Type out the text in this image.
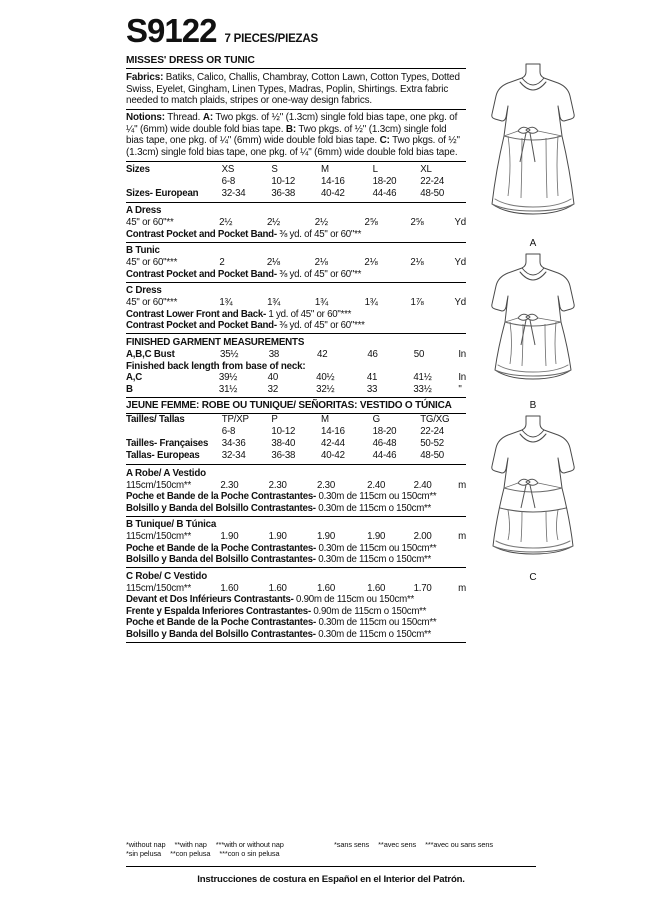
S9122 7 PIECES/PIEZAS
MISSES' DRESS OR TUNIC
Fabrics: Batiks, Calico, Challis, Chambray, Cotton Lawn, Cotton Types, Dotted Swiss, Eyelet, Gingham, Linen Types, Madras, Poplin, Shirtings. Extra fabric needed to match plaids, stripes or one-way design fabrics.
Notions: Thread. A: Two pkgs. of ½" (1.3cm) single fold bias tape, one pkg. of ¼" (6mm) wide double fold bias tape. B: Two pkgs. of ½" (1.3cm) single fold bias tape, one pkg. of ¼" (6mm) wide double fold bias tape. C: Two pkgs. of ½" (1.3cm) single fold bias tape, one pkg. of ¼" (6mm) wide double fold bias tape.
Sizes	XS	S	M	L	XL	
	6-8	10-12	14-16	18-20	22-24	
Sizes- European	32-34	36-38	40-42	44-46	48-50	
A Dress
45" or 60"**	2½	2½	2½	2⅝	2⅝	Yd
Contrast Pocket and Pocket Band- ⅜ yd. of 45" or 60"**
B Tunic
45" or 60"***	2	2⅛	2⅛	2⅛	2⅛	Yd
Contrast Pocket and Pocket Band- ⅜ yd. of 45" or 60"**
C Dress
45" or 60"***	1¾	1¾	1¾	1¾	1⅞	Yd
Contrast Lower Front and Back- 1 yd. of 45" or 60"***
Contrast Pocket and Pocket Band- ⅜ yd. of 45" or 60"***
FINISHED GARMENT MEASUREMENTS
A,B,C Bust	35½	38	42	46	50	In
Finished back length from base of neck:
A,C	39½	40	40½	41	41½	In
B	31½	32	32½	33	33½	"
JEUNE FEMME: ROBE OU TUNIQUE/ SEÑORITAS: VESTIDO O TÚNICA
Tailles/ Tallas	TP/XP	P	M	G	TG/XG	
	6-8	10-12	14-16	18-20	22-24	
Tailles- Françaises	34-36	38-40	42-44	46-48	50-52	
Tallas- Europeas	32-34	36-38	40-42	44-46	48-50	
A Robe/ A Vestido
115cm/150cm**	2.30	2.30	2.30	2.40	2.40	m
Poche et Bande de la Poche Contrastantes- 0.30m de 115cm ou 150cm**
Bolsillo y Banda del Bolsillo Contrastantes- 0.30m de 115cm o 150cm**
B Tunique/ B Túnica
115cm/150cm**	1.90	1.90	1.90	1.90	2.00	m
Poche et Bande de la Poche Contrastantes- 0.30m de 115cm ou 150cm**
Bolsillo y Banda del Bolsillo Contrastantes- 0.30m de 115cm o 150cm**
C Robe/ C Vestido
115cm/150cm**	1.60	1.60	1.60	1.60	1.70	m
Devant et Dos Inférieurs Contrastants- 0.90m de 115cm ou 150cm**
Frente y Espalda Inferiores Contrastantes- 0.90m de 115cm o 150cm**
Poche et Bande de la Poche Contrastantes- 0.30m de 115cm ou 150cm**
Bolsillo y Banda del Bolsillo Contrastantes- 0.30m de 115cm o 150cm**
*without nap **with nap ***with or without nap	*sans sens **avec sens ***avec ou sans sens
*sin pelusa **con pelusa ***con o sin pelusa
Instrucciones de costura en Español en el Interior del Patrón.
A
B
C
